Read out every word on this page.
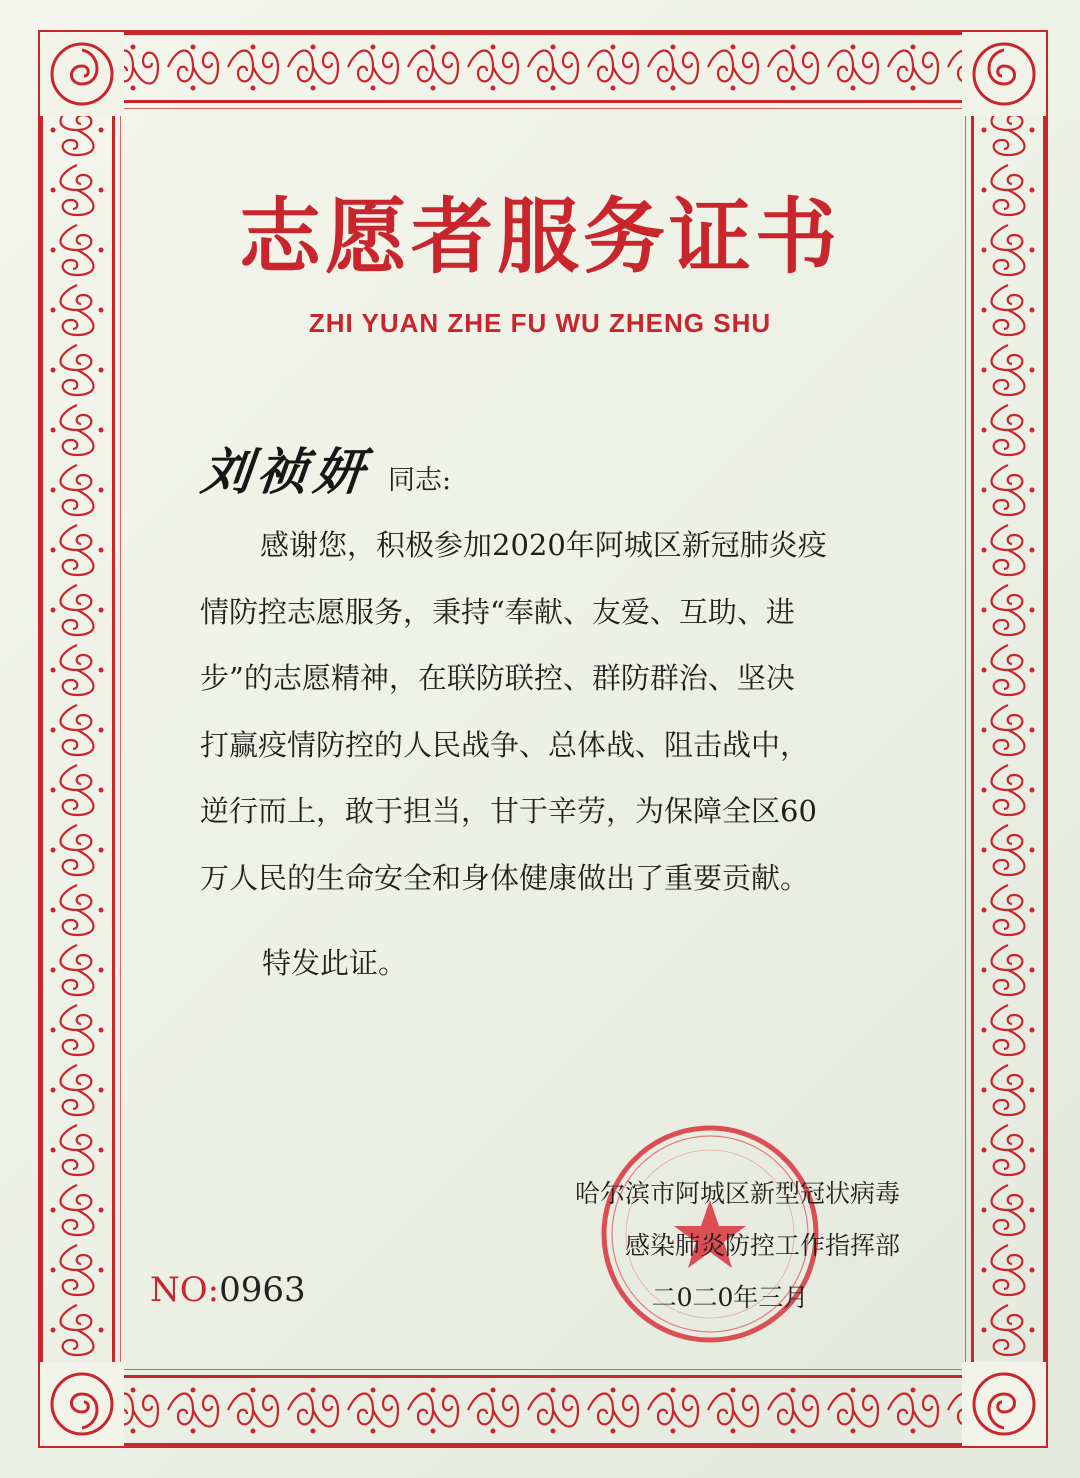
志愿者服务证书
ZHI YUAN ZHE FU WU ZHENG SHU
刘祯妍 同志:
感谢您，积极参加2020年阿城区新冠肺炎疫
情防控志愿服务，秉持“奉献、友爱、互助、进
步”的志愿精神，在联防联控、群防群治、坚决
打赢疫情防控的人民战争、总体战、阻击战中，
逆行而上，敢于担当，甘于辛劳，为保障全区60
万人民的生命安全和身体健康做出了重要贡献。
特发此证。
哈尔滨市阿城区新型冠状病毒
感染肺炎防控工作指挥部
二0二0年三月
NO:0963
